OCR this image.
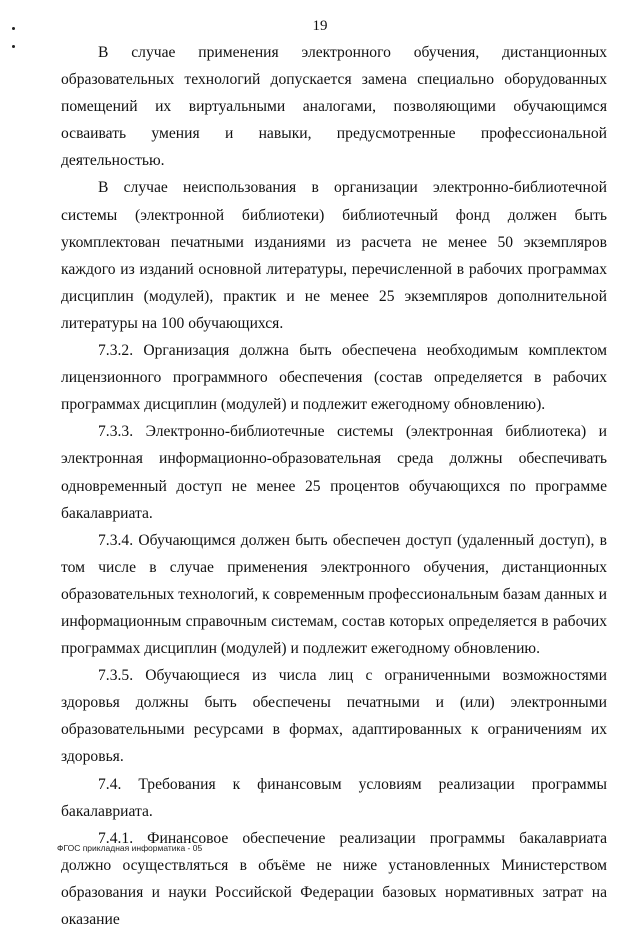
19

В случае применения электронного обучения, дистанционных образовательных технологий допускается замена специально оборудованных помещений их виртуальными аналогами, позволяющими обучающимся осваивать умения и навыки, предусмотренные профессиональной деятельностью.

В случае неиспользования в организации электронно-библиотечной системы (электронной библиотеки) библиотечный фонд должен быть укомплектован печатными изданиями из расчета не менее 50 экземпляров каждого из изданий основной литературы, перечисленной в рабочих программах дисциплин (модулей), практик и не менее 25 экземпляров дополнительной литературы на 100 обучающихся.

7.3.2. Организация должна быть обеспечена необходимым комплектом лицензионного программного обеспечения (состав определяется в рабочих программах дисциплин (модулей) и подлежит ежегодному обновлению).

7.3.3. Электронно-библиотечные системы (электронная библиотека) и электронная информационно-образовательная среда должны обеспечивать одновременный доступ не менее 25 процентов обучающихся по программе бакалавриата.

7.3.4. Обучающимся должен быть обеспечен доступ (удаленный доступ), в том числе в случае применения электронного обучения, дистанционных образовательных технологий, к современным профессиональным базам данных и информационным справочным системам, состав которых определяется в рабочих программах дисциплин (модулей) и подлежит ежегодному обновлению.

7.3.5. Обучающиеся из числа лиц с ограниченными возможностями здоровья должны быть обеспечены печатными и (или) электронными образовательными ресурсами в формах, адаптированных к ограничениям их здоровья.

7.4. Требования к финансовым условиям реализации программы бакалавриата.

7.4.1. Финансовое обеспечение реализации программы бакалавриата должно осуществляться в объёме не ниже установленных Министерством образования и науки Российской Федерации базовых нормативных затрат на оказание

ФГОС прикладная информатика - 05
